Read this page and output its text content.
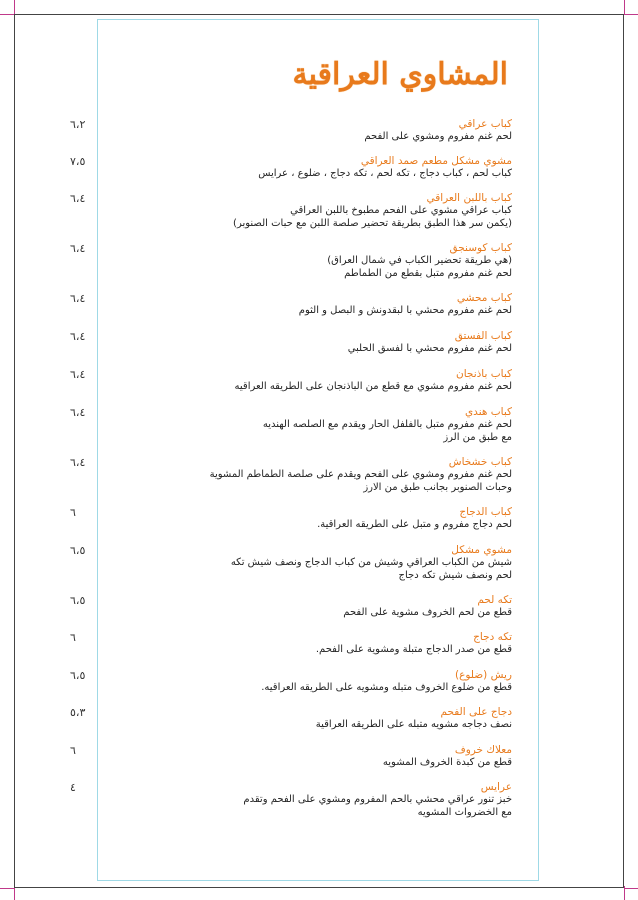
المشاوي العراقية
٦،٢	كباب عراقي
لحم غنم مفروم ومشوي على الفحم
٧،٥	مشوي مشكل مطعم صمد العراقي
كباب لحم ، كباب دجاج ، تكه لحم ، تكه دجاج ، ضلوع ، عرايس
٦،٤	كباب باللبن العراقي
كباب عراقي مشوي على الفحم مطبوخ باللبن العراقي
(يكمن سر هذا الطبق بطريقة تحضير صلصة اللبن مع حبات الصنوبر)
٦،٤	كباب كوسنجق
(هي طريقة تحضير الكباب في شمال العراق)
لحم غنم مفروم متبل بقطع من الطماطم
٦،٤	كباب محشي
لحم غنم مفروم محشي با لبقدونش و البصل و الثوم
٦،٤	كباب الفستق
لحم غنم مفروم محشي با لفسق الحلبي
٦،٤	كباب باذنجان
لحم غنم مفروم مشوي مع قطع من الباذنجان على الطريقه العراقيه
٦،٤	كباب هندي
لحم غنم مفروم متبل بالفلفل الحار ويقدم مع الصلصه الهنديه
مع طبق من الرز
٦،٤	كباب خشخاش
لحم غنم مفروم ومشوي على الفحم ويقدم على صلصة الطماطم المشوية
وحبات الصنوبر بجانب طبق من الارز
٦	كباب الدجاج
لحم دجاج مفروم و متبل على الطريقه العراقية.
٦،٥	مشوي مشكل
شيش من الكباب العراقي وشيش من كباب الدجاج ونصف شيش تكه
لحم ونصف شيش تكه دجاج
٦،٥	تكه لحم
قطع من لحم الخروف مشوية على الفحم
٦	تكه دجاج
قطع من صدر الدجاج متبلة ومشوية على الفحم.
٦،٥	ريش (ضلوع)
قطع من ضلوع الخروف متبله ومشويه على الطريقه العراقيه.
٥،٣	دجاج على الفحم
نصف دجاجه مشويه متبله على الطريقه العراقية
٦	معلاك خروف
قطع من كبدة الخروف المشويه
٤	عرايس
خبز تنور عراقي محشي بالحم المفروم ومشوي على الفحم وتقدم
مع الخضروات المشويه
